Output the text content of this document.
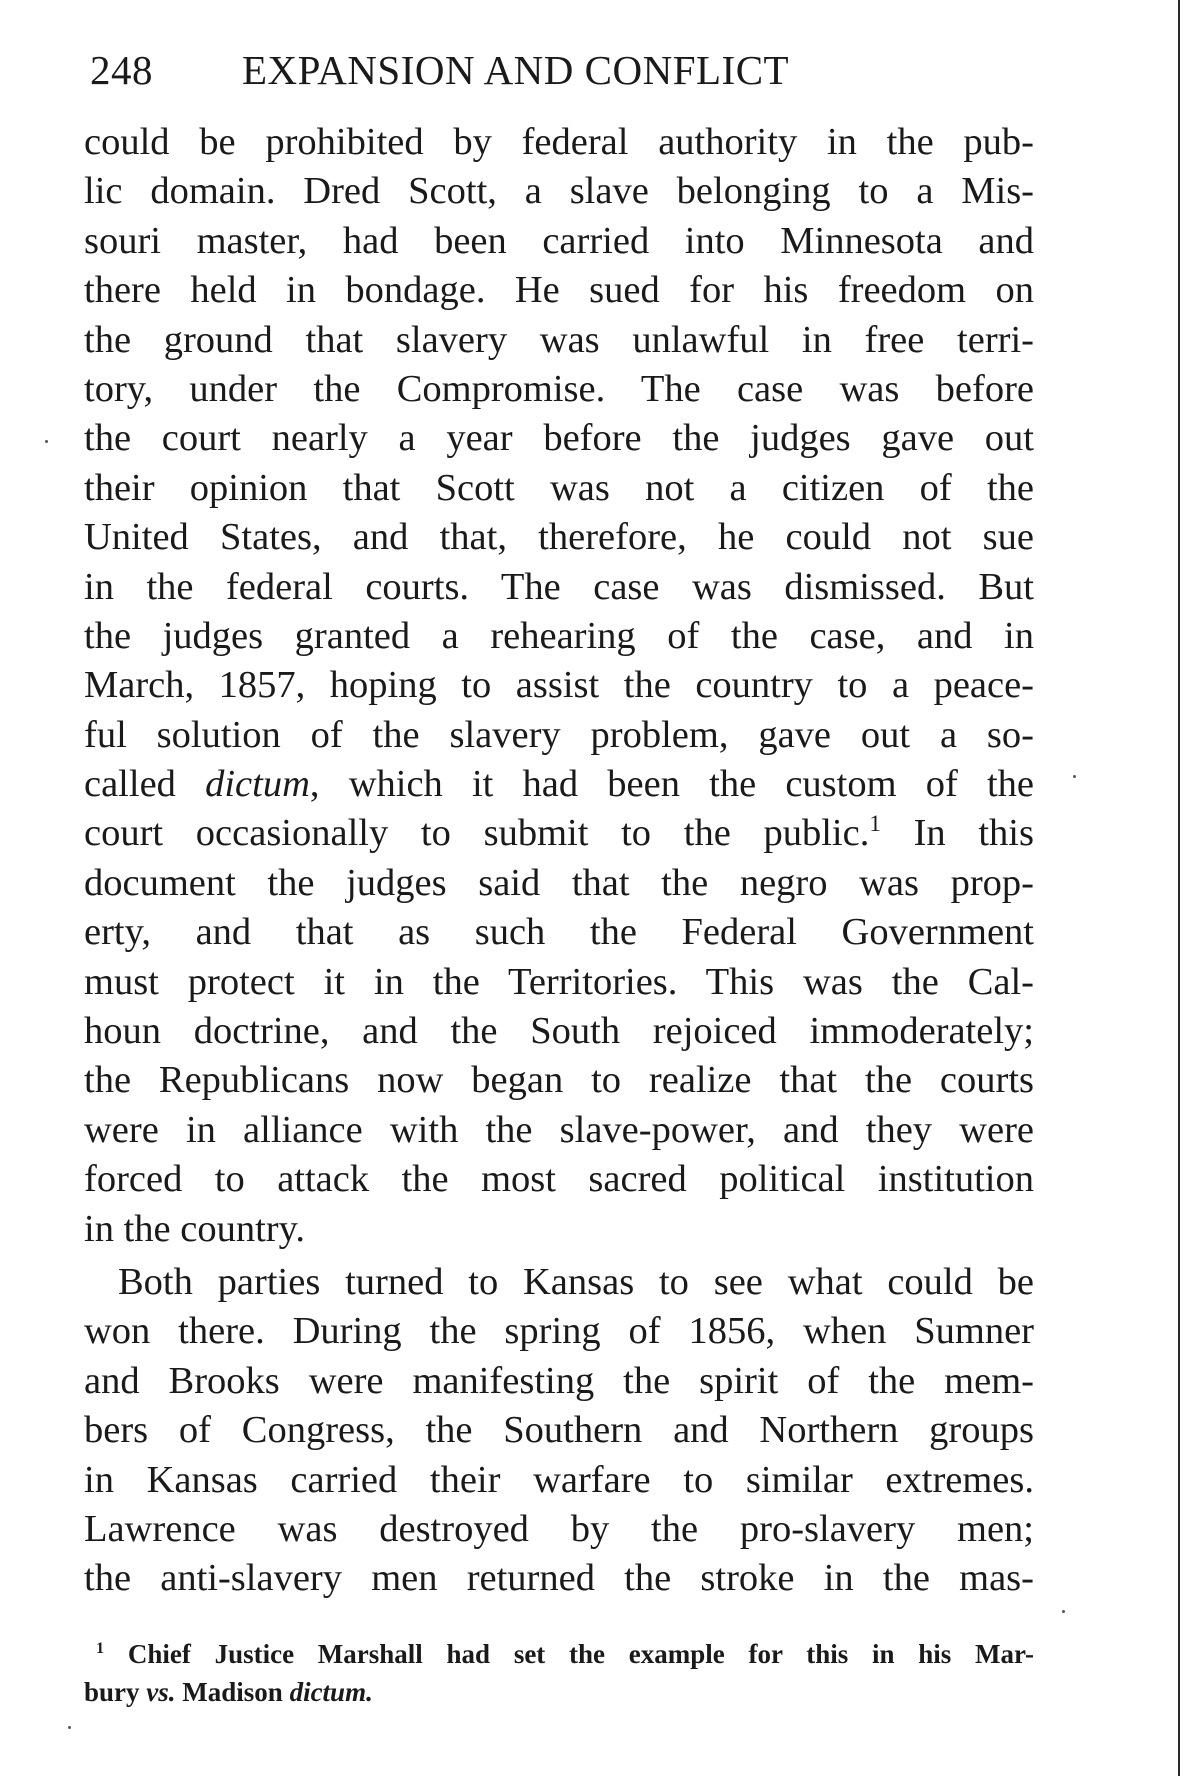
248 EXPANSION AND CONFLICT
could be prohibited by federal authority in the pub-
lic domain. Dred Scott, a slave belonging to a Mis-
souri master, had been carried into Minnesota and
there held in bondage. He sued for his freedom on
the ground that slavery was unlawful in free terri-
tory, under the Compromise. The case was before
the court nearly a year before the judges gave out
their opinion that Scott was not a citizen of the
United States, and that, therefore, he could not sue
in the federal courts. The case was dismissed. But
the judges granted a rehearing of the case, and in
March, 1857, hoping to assist the country to a peace-
ful solution of the slavery problem, gave out a so-
called dictum, which it had been the custom of the
court occasionally to submit to the public.$^1$ In this
document the judges said that the negro was prop-
erty, and that as such the Federal Government
must protect it in the Territories. This was the Cal-
houn doctrine, and the South rejoiced immoderately;
the Republicans now began to realize that the courts
were in alliance with the slave-power, and they were
forced to attack the most sacred political institution
in the country.
Both parties turned to Kansas to see what could be
won there. During the spring of 1856, when Sumner
and Brooks were manifesting the spirit of the mem-
bers of Congress, the Southern and Northern groups
in Kansas carried their warfare to similar extremes.
Lawrence was destroyed by the pro-slavery men;
the anti-slavery men returned the stroke in the mas-
$^1$ Chief Justice Marshall had set the example for this in his Mar-
bury vs. Madison dictum.
